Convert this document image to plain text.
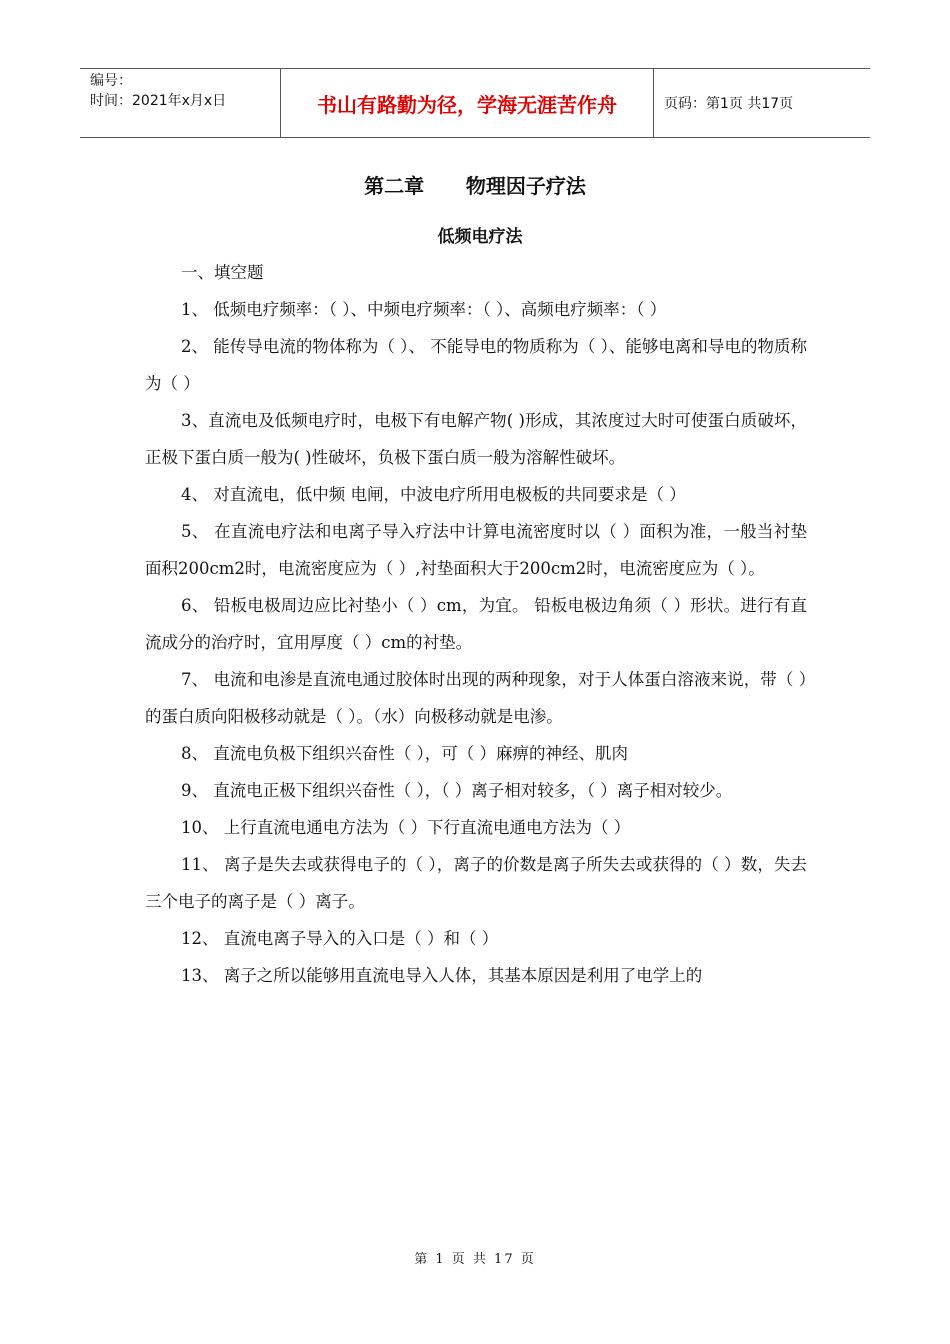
编号：
时间：2021年x月x日	书山有路勤为径，学海无涯苦作舟	页码：第1页 共17页
第二章      物理因子疗法
低频电疗法

一、填空题

1、 低频电疗频率：（ ）、中频电疗频率：（ ）、高频电疗频率：（ ）

2、 能传导电流的物体称为（ ）、 不能导电的物质称为（ ）、能够电离和导电的物质称为（ ）

3、直流电及低频电疗时，电极下有电解产物( )形成，其浓度过大时可使蛋白质破坏，正极下蛋白质一般为( )性破坏，负极下蛋白质一般为溶解性破坏。

4、 对直流电，低中频 电闸，中波电疗所用电极板的共同要求是（ ）

5、 在直流电疗法和电离子导入疗法中计算电流密度时以（ ）面积为准，一般当衬垫面积200cm2时，电流密度应为（ ）,衬垫面积大于200cm2时，电流密度应为（ ）。

6、 铅板电极周边应比衬垫小（ ）cm，为宜。 铅板电极边角须（ ）形状。进行有直流成分的治疗时，宜用厚度（ ）cm的衬垫。

7、 电流和电渗是直流电通过胶体时出现的两种现象，对于人体蛋白溶液来说，带（ ）的蛋白质向阳极移动就是（ ）。（水）向极移动就是电渗。

8、 直流电负极下组织兴奋性（ ），可（ ）麻痹的神经、肌肉

9、 直流电正极下组织兴奋性（ ），（ ）离子相对较多，（ ）离子相对较少。

10、 上行直流电通电方法为（ ）下行直流电通电方法为（ ）

11、 离子是失去或获得电子的（ ），离子的价数是离子所失去或获得的（ ）数，失去三个电子的离子是（ ）离子。

12、 直流电离子导入的入口是（ ）和（ ）

13、 离子之所以能够用直流电导入人体，其基本原因是利用了电学上的

第 1 页 共 17 页
